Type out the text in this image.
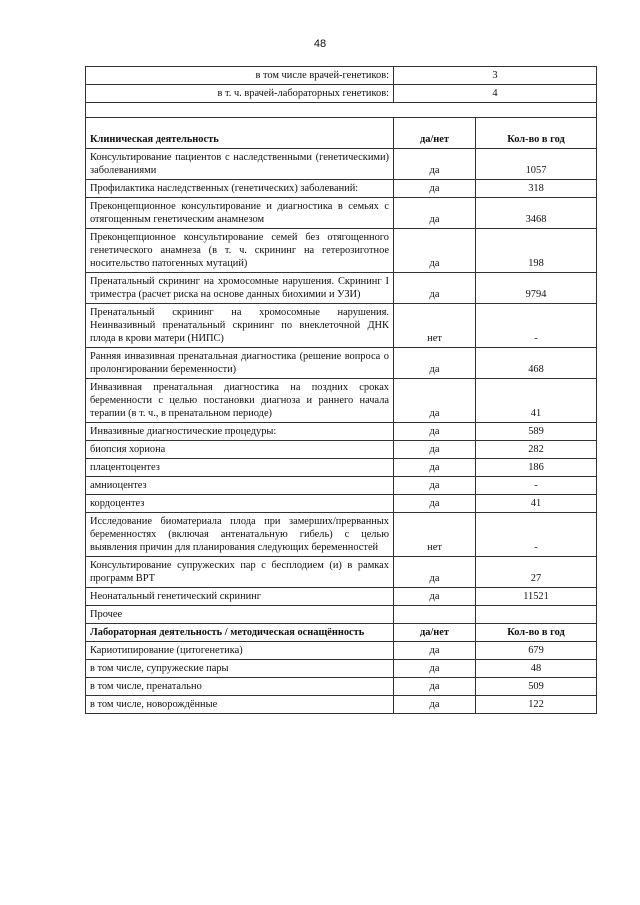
48
в том числе врачей-генетиков:	3	
в т. ч. врачей-лабораторных генетиков:	4	

Клиническая деятельность	да/нет	Кол-во в год
Консультирование пациентов с наследственными (генетическими) заболеваниями	да	1057
Профилактика наследственных (генетических) заболеваний:	да	318
Преконцепционное консультирование и диагностика в семьях с отягощенным генетическим анамнезом	да	3468
Преконцепционное консультирование семей без отягощенного генетического анамнеза (в т. ч. скрининг на гетерозиготное носительство патогенных мутаций)	да	198
Пренатальный скрининг на хромосомные нарушения. Скрининг I триместра (расчет риска на основе данных биохимии и УЗИ)	да	9794
Пренатальный скрининг на хромосомные нарушения. Неинвазивный пренатальный скрининг по внеклеточной ДНК плода в крови матери (НИПС)	нет	-
Ранняя инвазивная пренатальная диагностика (решение вопроса о пролонгировании беременности)	да	468
Инвазивная пренатальная диагностика на поздних сроках беременности с целью постановки диагноза и раннего начала терапии (в т. ч., в пренатальном периоде)	да	41
Инвазивные диагностические процедуры:	да	589
биопсия хориона	да	282
плацентоцентез	да	186
амниоцентез	да	-
кордоцентез	да	41
Исследование биоматериала плода при замерших/прерванных беременностях (включая антенатальную гибель) с целью выявления причин для планирования следующих беременностей	нет	-
Консультирование супружеских пар с бесплодием (и) в рамках программ ВРТ	да	27
Неонатальный генетический скрининг	да	11521
Прочее		
Лабораторная деятельность / методическая оснащённость	да/нет	Кол-во в год
Кариотипирование (цитогенетика)	да	679
в том числе, супружеские пары	да	48
в том числе, пренатально	да	509
в том числе, новорождённые	да	122
